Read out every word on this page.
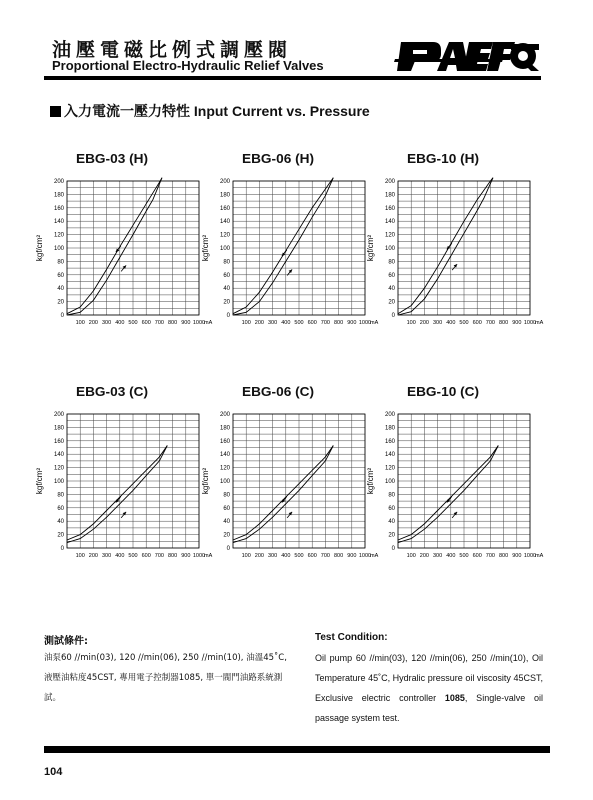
油壓電磁比例式調壓閥
Proportional Electro-Hydraulic Relief Valves
入力電流一壓力特性 Input Current vs. Pressure
EBG-03 (H)
0
20
40
60
80
100
120
140
160
180
200
100 200 300 400 500 600 700 800 900 1000
mA
kgf/cm²
EBG-06 (H)
0
20
40
60
80
100
120
140
160
180
200
100 200 300 400 500 600 700 800 900 1000
mA
kgf/cm²
EBG-10 (H)
0
20
40
60
80
100
120
140
160
180
200
100 200 300 400 500 600 700 800 900 1000
mA
kgf/cm²
EBG-03 (C)
0
20
40
60
80
100
120
140
160
180
200
100 200 300 400 500 600 700 800 900 1000
mA
kgf/cm²
EBG-06 (C)
0
20
40
60
80
100
120
140
160
180
200
100 200 300 400 500 600 700 800 900 1000
mA
kgf/cm²
EBG-10 (C)
0
20
40
60
80
100
120
140
160
180
200
100 200 300 400 500 600 700 800 900 1000
mA
kgf/cm²
測試條件:
油泵60 //min(03), 120 //min(06), 250 //min(10), 油溫45˚C, 液壓油粘度45CST, 專用電子控制器1085, 單一閥門油路系統測試。
Test Condition:
Oil pump 60 //min(03), 120 //min(06), 250 //min(10), Oil Temperature 45˚C, Hydralic pressure oil viscosity 45CST, Exclusive electric controller 1085, Single-valve oil passage system test.
104
